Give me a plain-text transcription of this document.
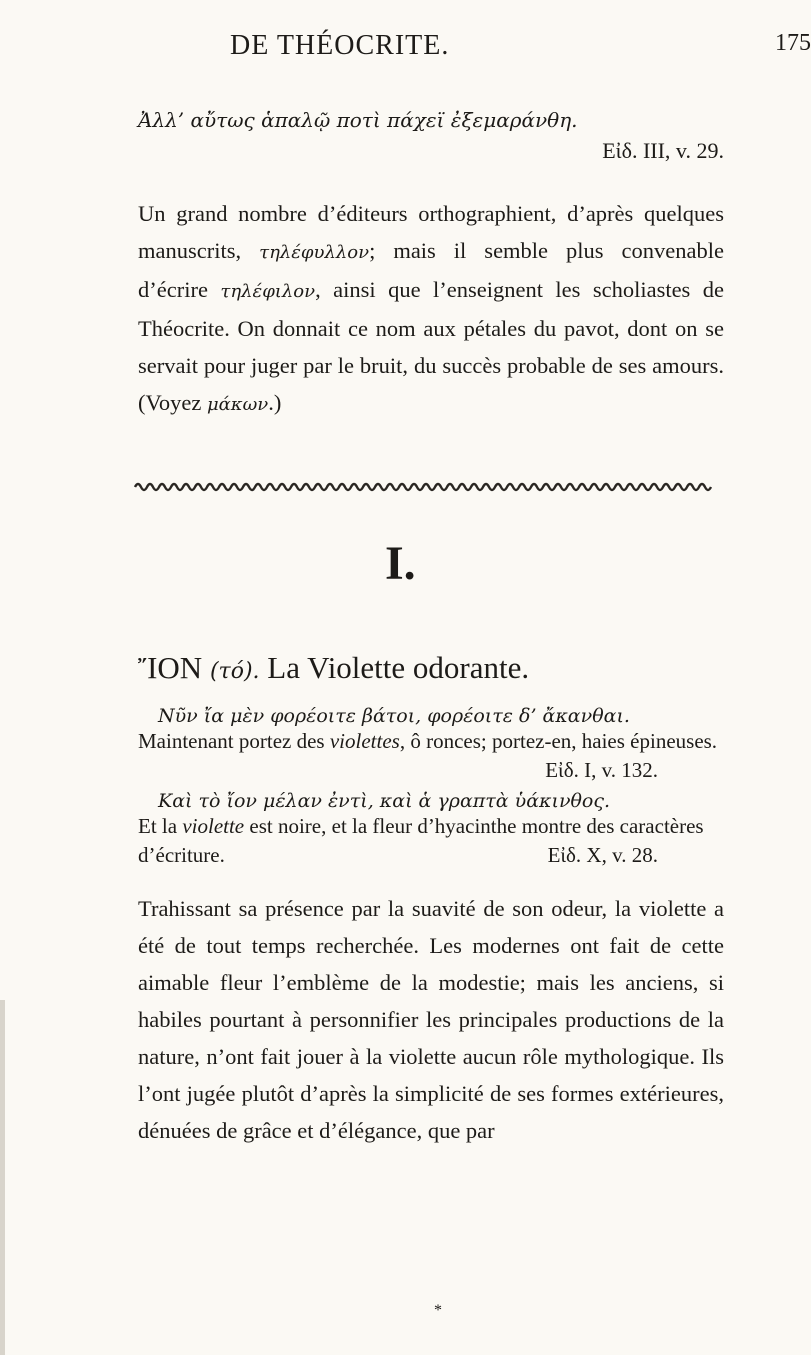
DE THÉOCRITE.	175
Ἀλλ’ αὔτως ἁπαλῷ ποτὶ πάχεϊ ἐξεμαράνθη.
Εἰδ. III, v. 29.
Un grand nombre d’éditeurs orthographient, d’après quelques manuscrits, τηλέφυλλον; mais il semble plus convenable d’écrire τηλέφιλον, ainsi que l’enseignent les scholiastes de Théocrite. On donnait ce nom aux pétales du pavot, dont on se servait pour juger par le bruit, du succès probable de ses amours. (Voyez μάκων.)
I.
ἼΟΝ (τό). La Violette odorante.
Νῦν ἴα μὲν φορέοιτε βάτοι, φορέοιτε δ’ ἄκανθαι.
Maintenant portez des violettes, ô ronces; portez-en, haies épineuses.
Εἰδ. I, v. 132.
Καὶ τὸ ἴον μέλαν ἐντὶ, καὶ ἁ γραπτὰ ὑάκινθος.
Et la violette est noire, et la fleur d’hyacinthe montre des caractères d’écriture.	Εἰδ. X, v. 28.
Trahissant sa présence par la suavité de son odeur, la violette a été de tout temps recherchée. Les modernes ont fait de cette aimable fleur l’emblème de la modestie; mais les anciens, si habiles pourtant à personnifier les principales productions de la nature, n’ont fait jouer à la violette aucun rôle mythologique. Ils l’ont jugée plutôt d’après la simplicité de ses formes extérieures, dénuées de grâce et d’élégance, que par
*
